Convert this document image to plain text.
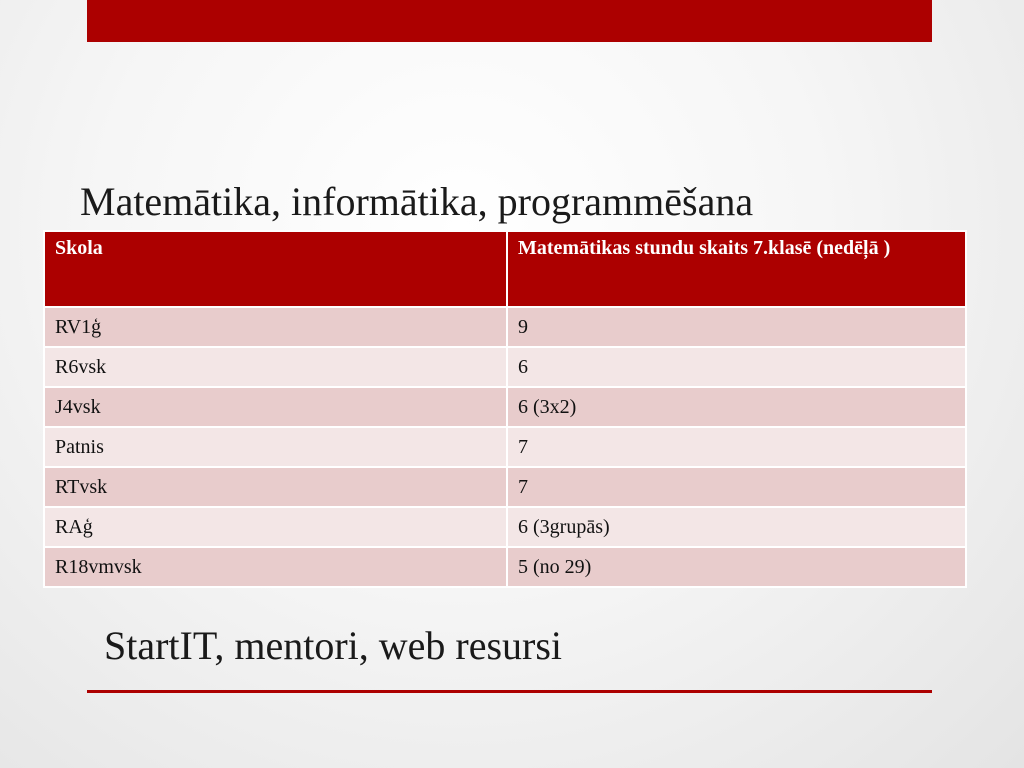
Matemātika, informātika, programmēšana
Skola	Matemātikas stundu skaits 7.klasē (nedēļā )
RV1ģ	9
R6vsk	6
J4vsk	6 (3x2)
Patnis	7
RTvsk	7
RAģ	6 (3grupās)
R18vmvsk	5 (no 29)
StartIT, mentori, web resursi
